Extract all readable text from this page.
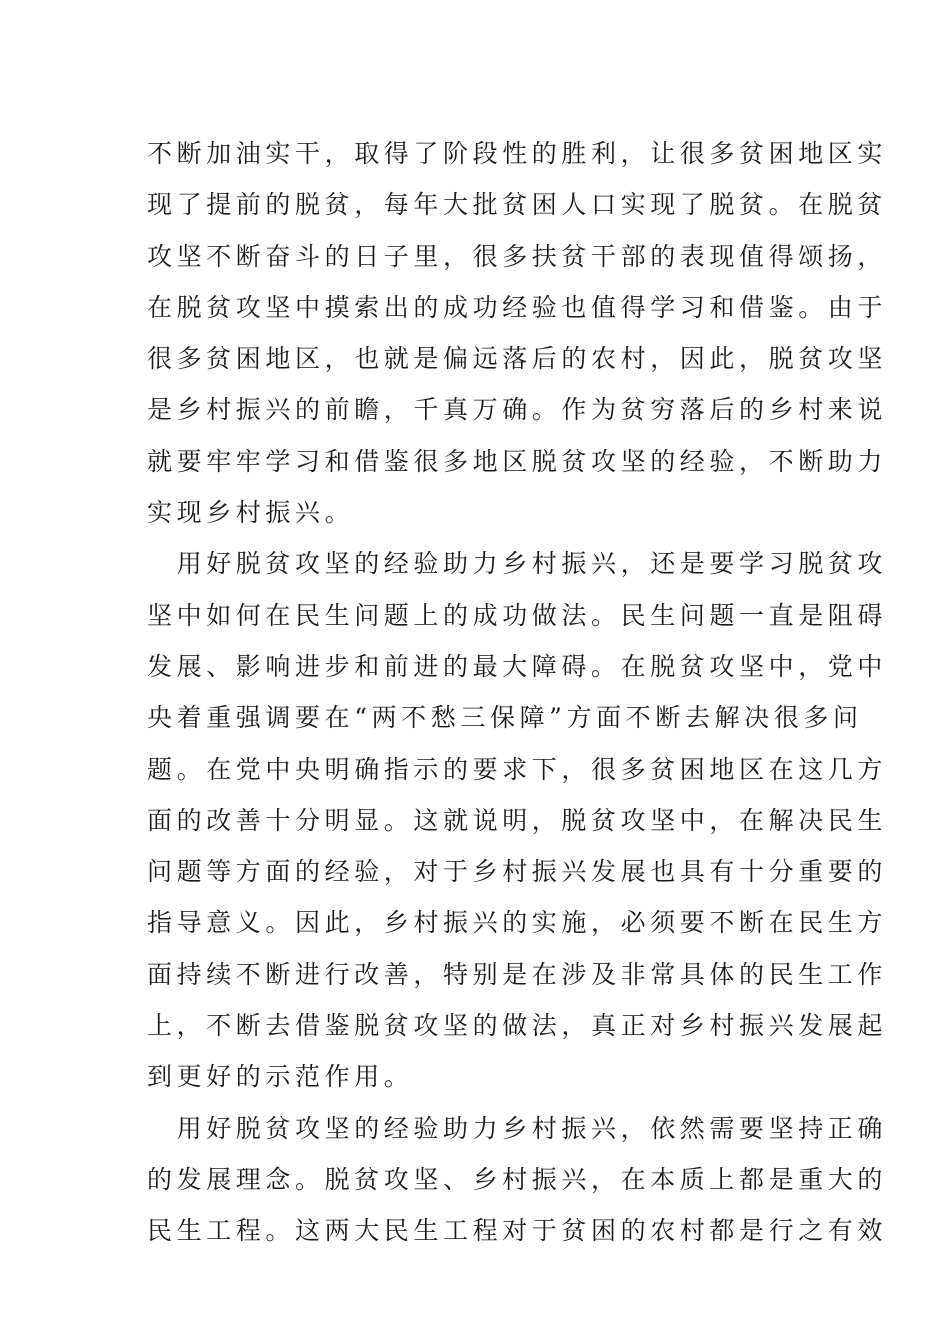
不断加油实干，取得了阶段性的胜利，让很多贫困地区实

现了提前的脱贫，每年大批贫困人口实现了脱贫。在脱贫

攻坚不断奋斗的日子里，很多扶贫干部的表现值得颂扬，

在脱贫攻坚中摸索出的成功经验也值得学习和借鉴。由于

很多贫困地区，也就是偏远落后的农村，因此，脱贫攻坚

是乡村振兴的前瞻，千真万确。作为贫穷落后的乡村来说

就要牢牢学习和借鉴很多地区脱贫攻坚的经验，不断助力

实现乡村振兴。

　用好脱贫攻坚的经验助力乡村振兴，还是要学习脱贫攻

坚中如何在民生问题上的成功做法。民生问题一直是阻碍

发展、影响进步和前进的最大障碍。在脱贫攻坚中，党中

央着重强调要在“两不愁三保障”方面不断去解决很多问

题。在党中央明确指示的要求下，很多贫困地区在这几方

面的改善十分明显。这就说明，脱贫攻坚中，在解决民生

问题等方面的经验，对于乡村振兴发展也具有十分重要的

指导意义。因此，乡村振兴的实施，必须要不断在民生方

面持续不断进行改善，特别是在涉及非常具体的民生工作

上，不断去借鉴脱贫攻坚的做法，真正对乡村振兴发展起

到更好的示范作用。

　用好脱贫攻坚的经验助力乡村振兴，依然需要坚持正确

的发展理念。脱贫攻坚、乡村振兴，在本质上都是重大的

民生工程。这两大民生工程对于贫困的农村都是行之有效
